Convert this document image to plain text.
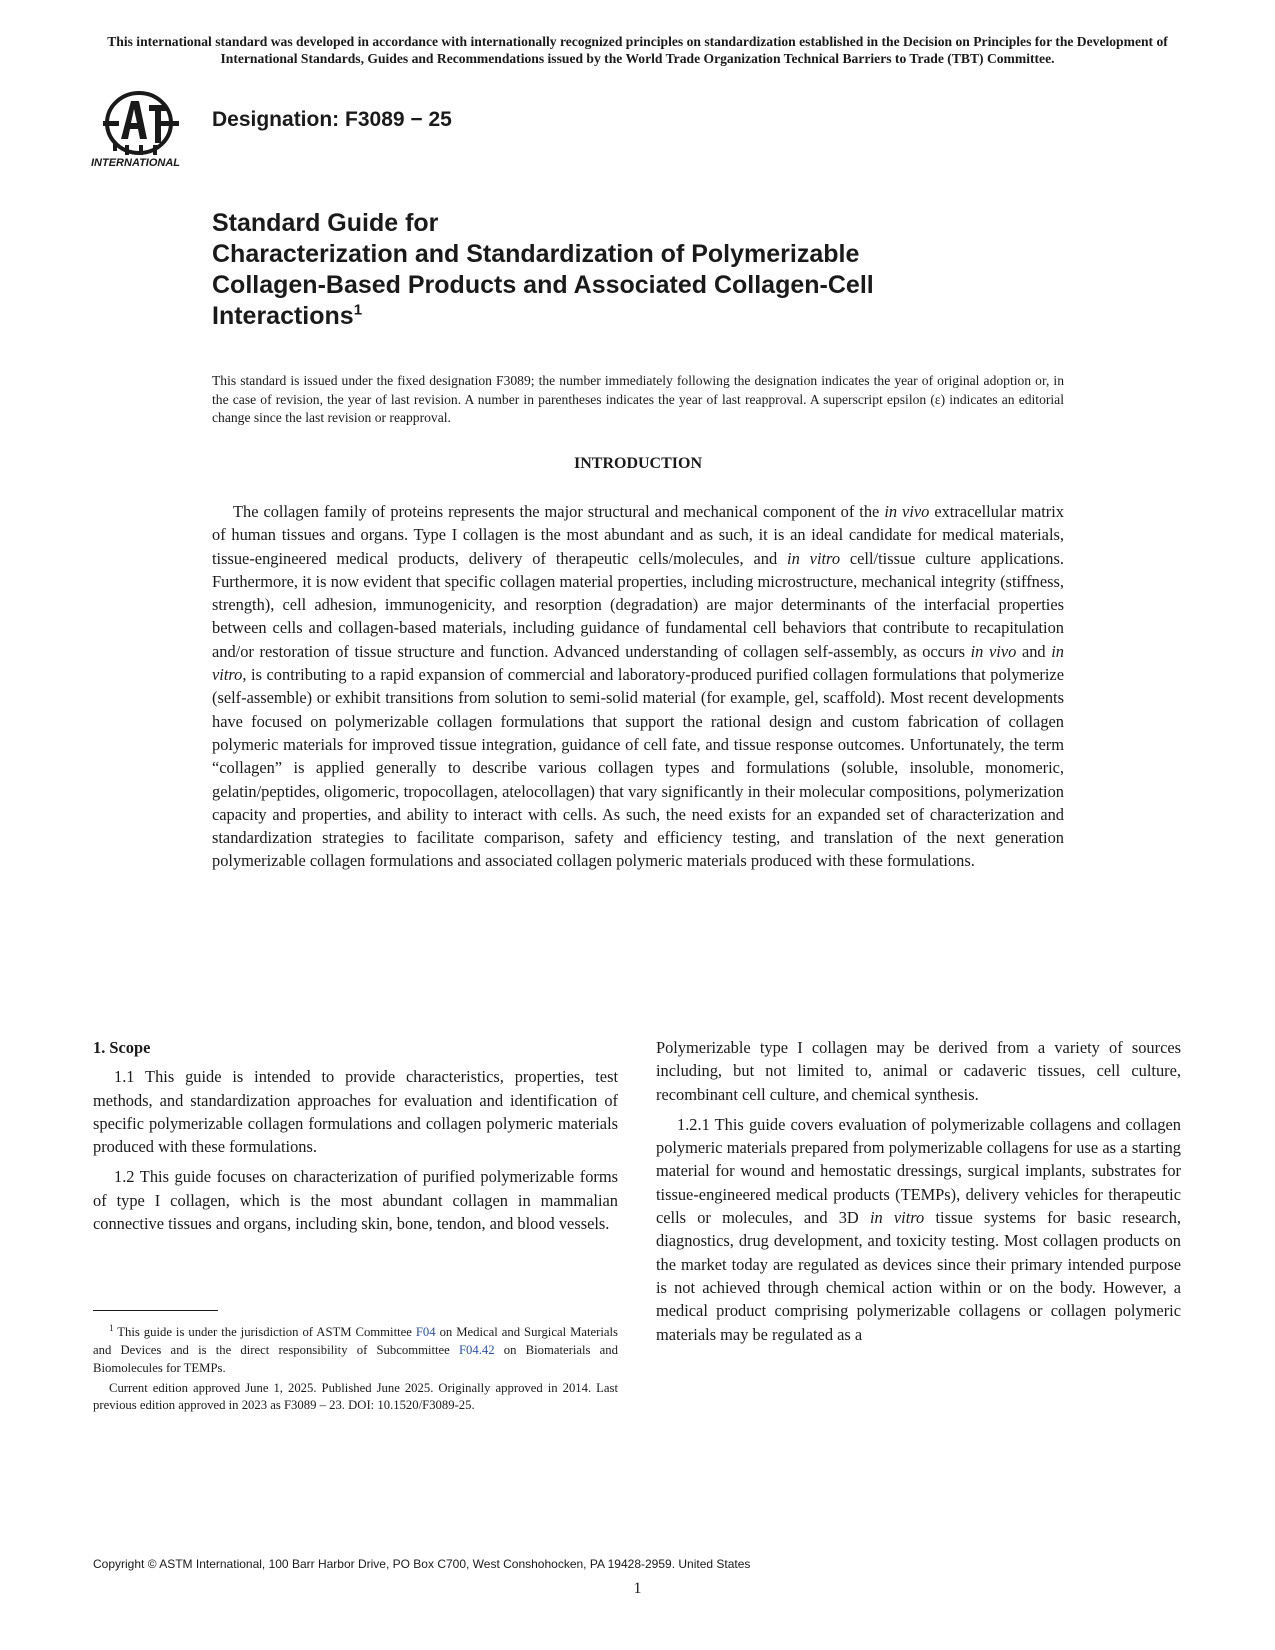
This international standard was developed in accordance with internationally recognized principles on standardization established in the Decision on Principles for the Development of International Standards, Guides and Recommendations issued by the World Trade Organization Technical Barriers to Trade (TBT) Committee.
INTERNATIONAL
Designation: F3089 − 25
Standard Guide for
Characterization and Standardization of Polymerizable
Collagen-Based Products and Associated Collagen-Cell
Interactions$^1$

This standard is issued under the fixed designation F3089; the number immediately following the designation indicates the year of original adoption or, in the case of revision, the year of last revision. A number in parentheses indicates the year of last reapproval. A superscript epsilon (ε) indicates an editorial change since the last revision or reapproval.

INTRODUCTION

The collagen family of proteins represents the major structural and mechanical component of the in vivo extracellular matrix of human tissues and organs. Type I collagen is the most abundant and as such, it is an ideal candidate for medical materials, tissue-engineered medical products, delivery of therapeutic cells/molecules, and in vitro cell/tissue culture applications. Furthermore, it is now evident that specific collagen material properties, including microstructure, mechanical integrity (stiffness, strength), cell adhesion, immunogenicity, and resorption (degradation) are major determinants of the interfacial properties between cells and collagen-based materials, including guidance of fundamental cell behaviors that contribute to recapitulation and/or restoration of tissue structure and function. Advanced understanding of collagen self-assembly, as occurs in vivo and in vitro, is contributing to a rapid expansion of commercial and laboratory-produced purified collagen formulations that polymerize (self-assemble) or exhibit transitions from solution to semi-solid material (for example, gel, scaffold). Most recent developments have focused on polymerizable collagen formulations that support the rational design and custom fabrication of collagen polymeric materials for improved tissue integration, guidance of cell fate, and tissue response outcomes. Unfortunately, the term “collagen” is applied generally to describe various collagen types and formulations (soluble, insoluble, monomeric, gelatin/peptides, oligomeric, tropocollagen, atelocollagen) that vary significantly in their molecular compositions, polymerization capacity and properties, and ability to interact with cells. As such, the need exists for an expanded set of characterization and standardization strategies to facilitate comparison, safety and efficiency testing, and translation of the next generation polymerizable collagen formulations and associated collagen polymeric materials produced with these formulations.

1. Scope

1.1 This guide is intended to provide characteristics, properties, test methods, and standardization approaches for evaluation and identification of specific polymerizable collagen formulations and collagen polymeric materials produced with these formulations.

1.2 This guide focuses on characterization of purified polymerizable forms of type I collagen, which is the most abundant collagen in mammalian connective tissues and organs, including skin, bone, tendon, and blood vessels.

Polymerizable type I collagen may be derived from a variety of sources including, but not limited to, animal or cadaveric tissues, cell culture, recombinant cell culture, and chemical synthesis.

1.2.1 This guide covers evaluation of polymerizable collagens and collagen polymeric materials prepared from polymerizable collagens for use as a starting material for wound and hemostatic dressings, surgical implants, substrates for tissue-engineered medical products (TEMPs), delivery vehicles for therapeutic cells or molecules, and 3D in vitro tissue systems for basic research, diagnostics, drug development, and toxicity testing. Most collagen products on the market today are regulated as devices since their primary intended purpose is not achieved through chemical action within or on the body. However, a medical product comprising polymerizable collagens or collagen polymeric materials may be regulated as a

$^1$ This guide is under the jurisdiction of ASTM Committee F04 on Medical and Surgical Materials and Devices and is the direct responsibility of Subcommittee F04.42 on Biomaterials and Biomolecules for TEMPs.

Current edition approved June 1, 2025. Published June 2025. Originally approved in 2014. Last previous edition approved in 2023 as F3089 – 23. DOI: 10.1520/F3089-25.

Copyright © ASTM International, 100 Barr Harbor Drive, PO Box C700, West Conshohocken, PA 19428-2959. United States
1
